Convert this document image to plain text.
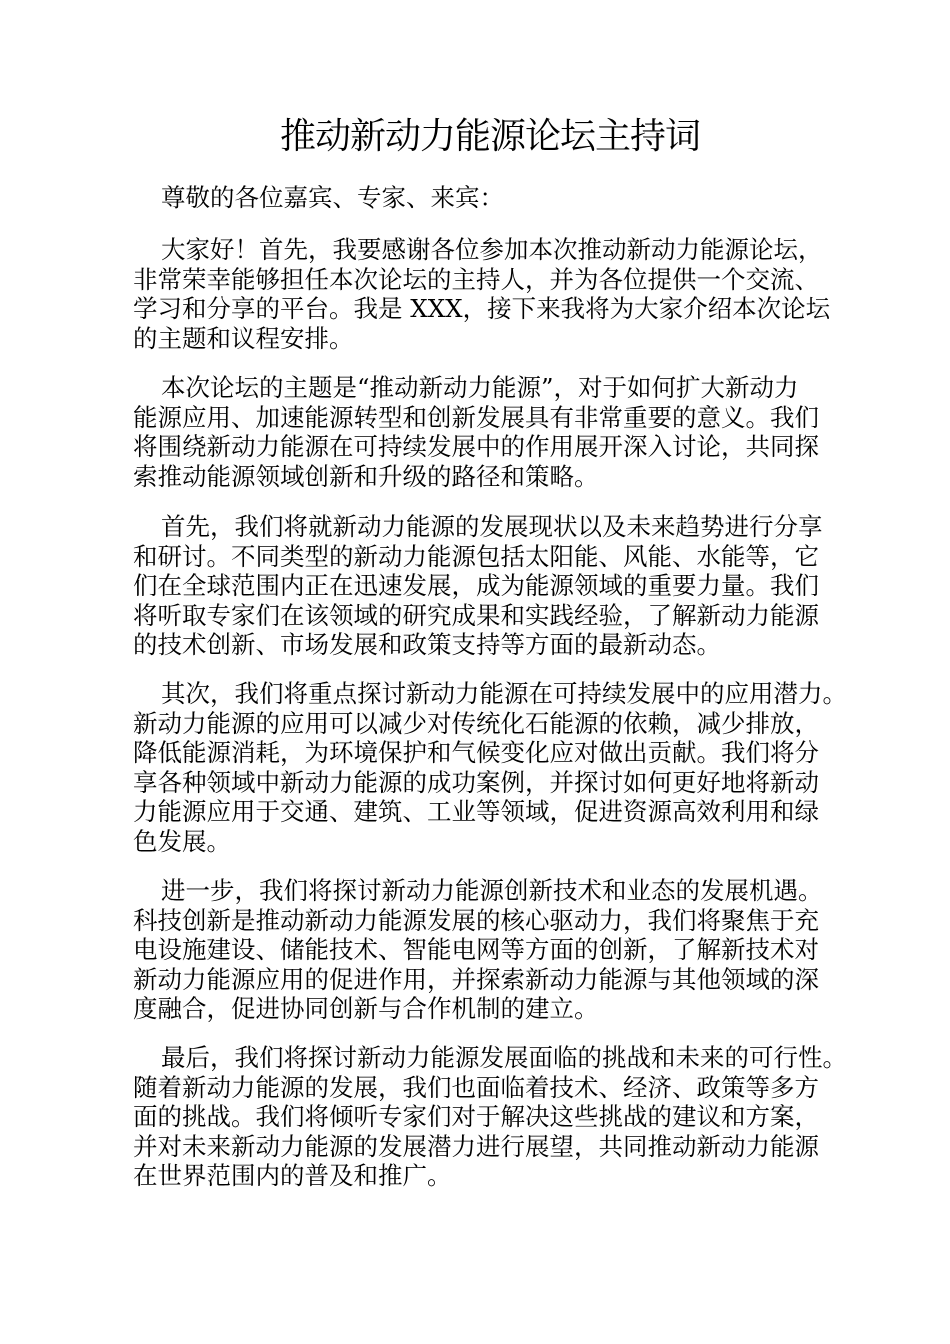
推动新动力能源论坛主持词

尊敬的各位嘉宾、专家、来宾：

大家好！首先，我要感谢各位参加本次推动新动力能源论坛，
非常荣幸能够担任本次论坛的主持人，并为各位提供一个交流、
学习和分享的平台。我是 XXX，接下来我将为大家介绍本次论坛
的主题和议程安排。

本次论坛的主题是“推动新动力能源”，对于如何扩大新动力
能源应用、加速能源转型和创新发展具有非常重要的意义。我们
将围绕新动力能源在可持续发展中的作用展开深入讨论，共同探
索推动能源领域创新和升级的路径和策略。

首先，我们将就新动力能源的发展现状以及未来趋势进行分享
和研讨。不同类型的新动力能源包括太阳能、风能、水能等，它
们在全球范围内正在迅速发展，成为能源领域的重要力量。我们
将听取专家们在该领域的研究成果和实践经验，了解新动力能源
的技术创新、市场发展和政策支持等方面的最新动态。

其次，我们将重点探讨新动力能源在可持续发展中的应用潜力。
新动力能源的应用可以减少对传统化石能源的依赖，减少排放，
降低能源消耗，为环境保护和气候变化应对做出贡献。我们将分
享各种领域中新动力能源的成功案例，并探讨如何更好地将新动
力能源应用于交通、建筑、工业等领域，促进资源高效利用和绿
色发展。

进一步，我们将探讨新动力能源创新技术和业态的发展机遇。
科技创新是推动新动力能源发展的核心驱动力，我们将聚焦于充
电设施建设、储能技术、智能电网等方面的创新，了解新技术对
新动力能源应用的促进作用，并探索新动力能源与其他领域的深
度融合，促进协同创新与合作机制的建立。

最后，我们将探讨新动力能源发展面临的挑战和未来的可行性。
随着新动力能源的发展，我们也面临着技术、经济、政策等多方
面的挑战。我们将倾听专家们对于解决这些挑战的建议和方案，
并对未来新动力能源的发展潜力进行展望，共同推动新动力能源
在世界范围内的普及和推广。
